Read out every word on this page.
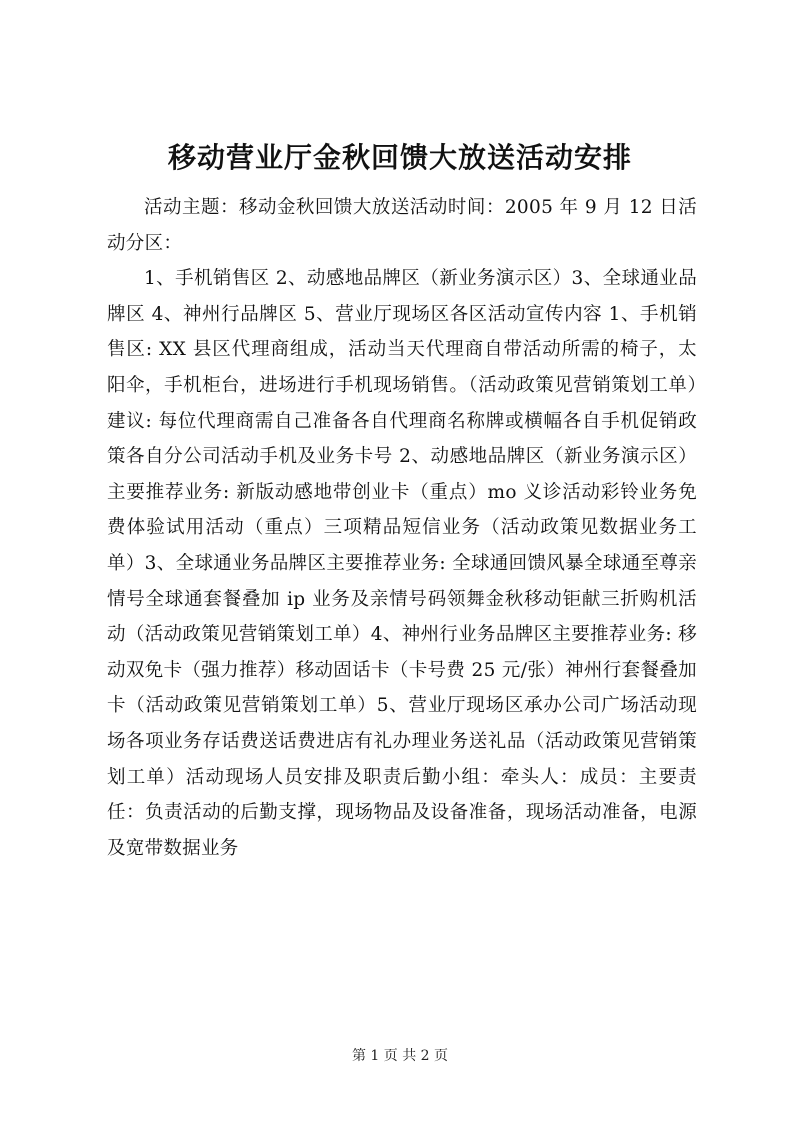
移动营业厅金秋回馈大放送活动安排

活动主题：移动金秋回馈大放送活动时间：2005 年 9 月 12 日活动分区：

1、手机销售区 2、动感地品牌区（新业务演示区）3、全球通业品牌区 4、神州行品牌区 5、营业厅现场区各区活动宣传内容 1、手机销售区: XX 县区代理商组成，活动当天代理商自带活动所需的椅子，太阳伞，手机柜台，进场进行手机现场销售。（活动政策见营销策划工单）建议: 每位代理商需自己准备各自代理商名称牌或横幅各自手机促销政策各自分公司活动手机及业务卡号 2、动感地品牌区（新业务演示区）主要推荐业务: 新版动感地带创业卡（重点）mo 义诊活动彩铃业务免费体验试用活动（重点）三项精品短信业务（活动政策见数据业务工单）3、全球通业务品牌区主要推荐业务: 全球通回馈风暴全球通至尊亲情号全球通套餐叠加 ip 业务及亲情号码领舞金秋移动钜献三折购机活动（活动政策见营销策划工单）4、神州行业务品牌区主要推荐业务: 移动双免卡（强力推荐）移动固话卡（卡号费 25 元/张）神州行套餐叠加卡（活动政策见营销策划工单）5、营业厅现场区承办公司广场活动现场各项业务存话费送话费进店有礼办理业务送礼品（活动政策见营销策划工单）活动现场人员安排及职责后勤小组：牵头人：成员：主要责任：负责活动的后勤支撑，现场物品及设备准备，现场活动准备，电源及宽带数据业务

第 1 页 共 2 页
